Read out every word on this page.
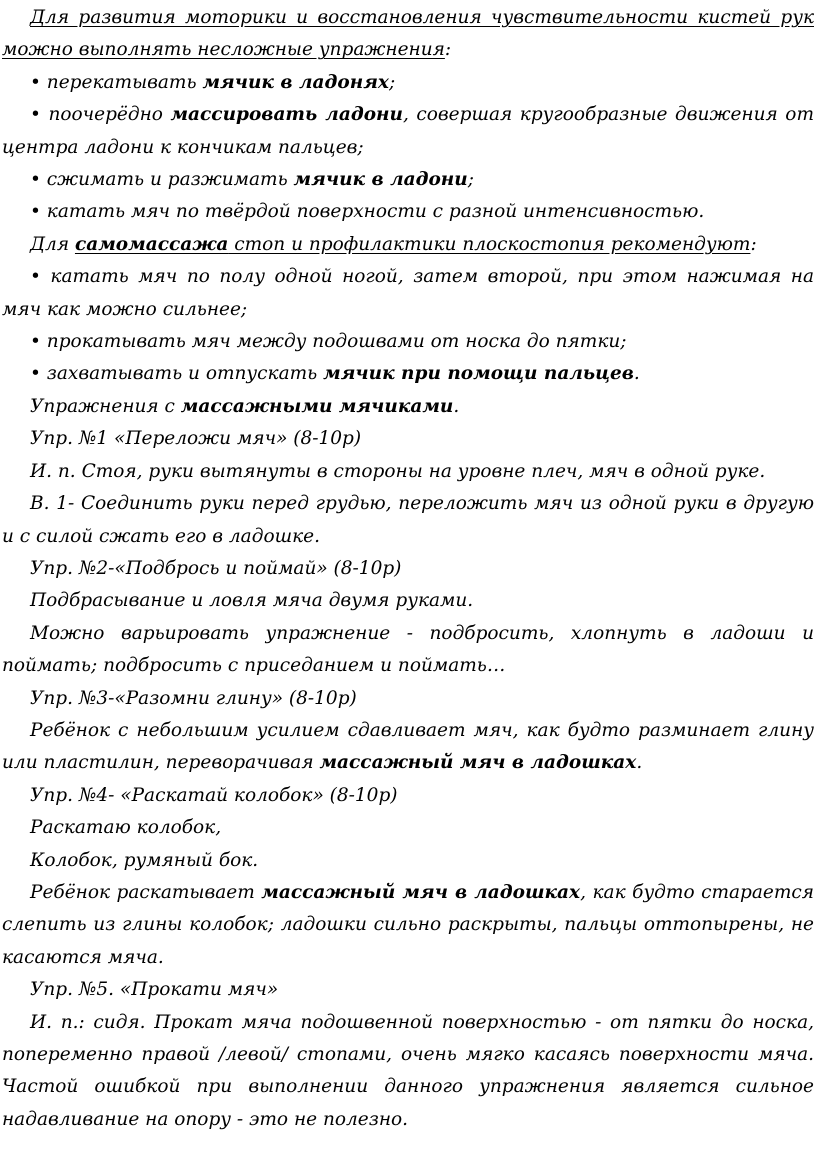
Для развития моторики и восстановления чувствительности кистей рук можно выполнять несложные упражнения:

• перекатывать мячик в ладонях;

• поочерёдно массировать ладони, совершая кругообразные движения от центра ладони к кончикам пальцев;

• сжимать и разжимать мячик в ладони;

• катать мяч по твёрдой поверхности с разной интенсивностью.

Для самомассажа стоп и профилактики плоскостопия рекомендуют:

• катать мяч по полу одной ногой, затем второй, при этом нажимая на мяч как можно сильнее;

• прокатывать мяч между подошвами от носка до пятки;

• захватывать и отпускать мячик при помощи пальцев.

Упражнения с массажными мячиками.

Упр. №1 «Переложи мяч» (8-10р)

И. п. Стоя, руки вытянуты в стороны на уровне плеч, мяч в одной руке.

В. 1- Соединить руки перед грудью, переложить мяч из одной руки в другую и с силой сжать его в ладошке.

Упр. №2-«Подбрось и поймай» (8-10р)

Подбрасывание и ловля мяча двумя руками.

Можно варьировать упражнение - подбросить, хлопнуть в ладоши и поймать; подбросить с приседанием и поймать…

Упр. №3-«Разомни глину» (8-10р)

Ребёнок с небольшим усилием сдавливает мяч, как будто разминает глину или пластилин, переворачивая массажный мяч в ладошках.

Упр. №4- «Раскатай колобок» (8-10р)

Раскатаю колобок,

Колобок, румяный бок.

Ребёнок раскатывает массажный мяч в ладошках, как будто старается слепить из глины колобок; ладошки сильно раскрыты, пальцы оттопырены, не касаются мяча.

Упр. №5. «Прокати мяч»

И. п.: сидя. Прокат мяча подошвенной поверхностью - от пятки до носка, попеременно правой /левой/ стопами, очень мягко касаясь поверхности мяча. Частой ошибкой при выполнении данного упражнения является сильное надавливание на опору - это не полезно.
